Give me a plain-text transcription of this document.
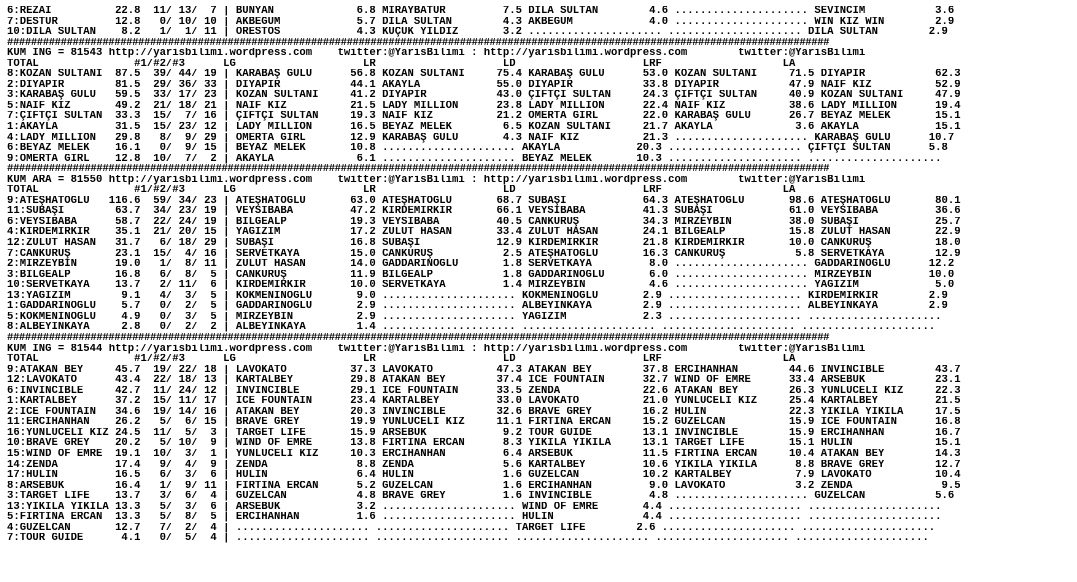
6:REZAİ          22.8  11/ 13/  7 | BÜNYAN             6.8 MİRAYBATUR         7.5 DİLA SULTAN        4.6 ..................... SEVİNCİM           3.6
7:DESTUR         12.8   0/ 10/ 10 | AKBEGÜM            5.7 DİLA SULTAN        4.3 AKBEGÜM            4.0 ..................... WIN KIZ WIN        2.9
10:DİLA SULTAN    8.2   1/  1/ 11 | ORESTOS            4.3 KÜÇÜK YILDIZ       3.2 ..................... ..................... DİLA SULTAN        2.9
##########################################################################################################################################
KUM ING = 81543 http://yarisbilimi.wordpress.com    twitter:@YarisBilimi : http://yarisbilimi.wordpress.com        twitter:@YarisBilimi
TOTAL               #1/#2/#3      LG                    LR                    LD                    LRF                   LA
8:KOZAN SULTANI  87.5  39/ 44/ 19 | KARABAŞ GÜLÜ      56.8 KOZAN SULTANI     75.4 KARABAŞ GÜLÜ      53.0 KOZAN SULTANI     71.5 DİYAPİR           62.3
2:DİYAPİR        81.5  29/ 36/ 33 | DİYAPİR           44.1 AKAYLA            55.0 DİYAPİR           33.8 DİYAPİR           47.9 NAİF KIZ          52.9
3:KARABAŞ GÜLÜ   59.5  33/ 17/ 23 | KOZAN SULTANI     41.2 DİYAPİR           43.0 ÇİFTÇİ SULTAN     24.3 ÇİFTÇİ SULTAN     40.9 KOZAN SULTANI     47.9
5:NAİF KIZ       49.2  21/ 18/ 21 | NAİF KIZ          21.5 LADY MILLION      23.8 LADY MILLION      22.4 NAİF KIZ          38.6 LADY MILLION      19.4
7:ÇİFTÇİ SULTAN  33.3  15/  7/ 16 | ÇİFTÇİ SULTAN     19.3 NAİF KIZ          21.2 OMERTA GIRL       22.0 KARABAŞ GÜLÜ      26.7 BEYAZ MELEK       15.1
1:AKAYLA         31.5  15/ 23/ 12 | LADY MILLION      16.5 BEYAZ MELEK        6.5 KOZAN SULTANI     21.7 AKAYLA             3.6 AKAYLA            15.1
4:LADY MILLION   29.8   8/  9/ 29 | OMERTA GIRL       12.9 KARABAŞ GÜLÜ       4.3 NAİF KIZ          21.3 ..................... KARABAŞ GÜLÜ      10.7
6:BEYAZ MELEK    16.1   0/  9/ 15 | BEYAZ MELEK       10.8 ..................... AKAYLA            20.3 ..................... ÇİFTÇİ SULTAN      5.8
9:OMERTA GIRL    12.8  10/  7/  2 | AKAYLA             6.1 ..................... BEYAZ MELEK       10.3 ..................... .....................
##########################################################################################################################################
KUM ARA = 81550 http://yarisbilimi.wordpress.com    twitter:@YarisBilimi : http://yarisbilimi.wordpress.com        twitter:@YarisBilimi
TOTAL               #1/#2/#3      LG                    LR                    LD                    LRF                   LA
9:ATEŞHATOĞLU   116.6  59/ 34/ 23 | ATEŞHATOĞLU       63.0 ATEŞHATOĞLU       68.7 SUBAŞI            64.3 ATEŞHATOĞLU       98.6 ATEŞHATOĞLU       80.1
11:SUBAŞI        63.7  34/ 23/ 19 | VEYSİBABA         47.2 KIRDEMİRKIR       66.1 VEYSİBABA         41.3 SUBAŞI            61.0 VEYSİBABA         36.6
6:VEYSİBABA      58.7  22/ 24/ 19 | BİLGEALP          19.3 VEYSİBABA         40.5 CANKURUŞ          34.3 MİRZEYBİN         38.0 SUBAŞI            25.7
4:KIRDEMİRKIR    35.1  21/ 20/ 15 | YAĞIZIM           17.2 ZULUT HASAN       33.4 ZULUT HASAN       24.1 BİLGEALP          15.8 ZULUT HASAN       22.9
12:ZULUT HASAN   31.7   6/ 18/ 29 | SUBAŞI            16.8 SUBAŞI            12.9 KIRDEMİRKIR       21.8 KIRDEMİRKIR       10.0 CANKURUŞ          18.0
7:CANKURUŞ       23.1  15/  4/ 16 | SERVETKAYA        15.0 CANKURUŞ           2.5 ATEŞHATOĞLU       16.3 CANKURUŞ           5.8 SERVETKAYA        12.9
2:MİRZEYBİN      19.0   1/  8/ 11 | ZULUT HASAN       14.0 GADDARINOĞLU       1.8 SERVETKAYA         8.0 ..................... GADDARINOĞLU      12.2
3:BİLGEALP       16.8   6/  8/  5 | CANKURUŞ          11.9 BİLGEALP           1.8 GADDARINOĞLU       6.0 ..................... MİRZEYBİN         10.0
10:SERVETKAYA    13.7   2/ 11/  6 | KIRDEMİRKIR       10.0 SERVETKAYA         1.4 MİRZEYBİN          4.6 ..................... YAĞIZIM            5.0
13:YAĞIZIM        9.1   4/  3/  5 | KÖKMENİNOĞLU       9.0 ..................... KÖKMENİNOĞLU       2.9 ..................... KIRDEMİRKIR        2.9
1:GADDARINOĞLU    5.7   0/  2/  5 | GADDARINOĞLU       2.9 ..................... ALBEYİNKAYA        2.9 ..................... ALBEYİNKAYA        2.9
5:KÖKMENİNOĞLU    4.9   0/  3/  5 | MİRZEYBİN          2.9 ..................... YAĞIZIM            2.3 ..................... .....................
8:ALBEYİNKAYA     2.8   0/  2/  2 | ALBEYİNKAYA        1.4 ..................... ..................... ..................... .....................
##########################################################################################################################################
KUM ING = 81544 http://yarisbilimi.wordpress.com    twitter:@YarisBilimi : http://yarisbilimi.wordpress.com        twitter:@YarisBilimi
TOTAL               #1/#2/#3      LG                    LR                    LD                    LRF                   LA
9:ATAKAN BEY     45.7  19/ 22/ 18 | LAVOKATO          37.3 LAVOKATO          47.3 ATAKAN BEY        37.8 ERCİHANHAN        44.6 INVINCIBLE        43.7
12:LAVOKATO      43.4  22/ 18/ 13 | KARTALBEY         29.8 ATAKAN BEY        37.4 ICE FOUNTAIN      32.7 WIND OF EMRE      33.4 ARSEBÜK           23.1
6:INVINCIBLE     42.7  11/ 24/ 12 | INVINCIBLE        29.1 ICE FOUNTAIN      33.5 ZENDA             22.6 ATAKAN BEY        26.3 YÜNLÜCELİ KIZ     22.3
1:KARTALBEY      37.2  15/ 11/ 17 | ICE FOUNTAIN      23.4 KARTALBEY         33.0 LAVOKATO          21.0 YÜNLÜCELİ KIZ     25.4 KARTALBEY         21.5
2:ICE FOUNTAIN   34.6  19/ 14/ 16 | ATAKAN BEY        20.3 INVINCIBLE        32.6 BRAVE GREY        16.2 HULİN             22.3 YIKILA YIKILA     17.5
11:ERCİHANHAN    26.2   5/  6/ 15 | BRAVE GREY        19.9 YÜNLÜCELİ KIZ     11.1 FIRTINA ERCAN     15.2 GÜZELCAN          15.9 ICE FOUNTAIN      16.8
16:YÜNLÜCELİ KIZ 24.5  11/  5/  3 | TARGET LIFE       15.9 ARSEBÜK            9.2 TOUR GUIDE        13.1 INVINCIBLE        15.9 ERCİHANHAN        16.7
10:BRAVE GREY    20.2   5/ 10/  9 | WIND OF EMRE      13.8 FIRTINA ERCAN      8.3 YIKILA YIKILA     13.1 TARGET LIFE       15.1 HULİN             15.1
15:WIND OF EMRE  19.1  10/  3/  1 | YÜNLÜCELİ KIZ     10.3 ERCİHANHAN         6.4 ARSEBÜK           11.5 FIRTINA ERCAN     10.4 ATAKAN BEY        14.3
14:ZENDA         17.4   9/  4/  9 | ZENDA              8.8 ZENDA              5.6 KARTALBEY         10.6 YIKILA YIKILA      8.8 BRAVE GREY        12.7
17:HULİN         16.5   6/  3/  6 | HULİN              6.4 HULİN              1.6 GÜZELCAN          10.2 KARTALBEY          7.9 LAVOKATO          10.4
8:ARSEBÜK        16.4   1/  9/ 11 | FIRTINA ERCAN      5.2 GÜZELCAN           1.6 ERCİHANHAN         9.0 LAVOKATO           3.2 ZENDA              9.5
3:TARGET LIFE    13.7   3/  6/  4 | GÜZELCAN           4.8 BRAVE GREY         1.6 INVINCIBLE         4.8 ..................... GÜZELCAN           5.6
13:YIKILA YIKILA 13.3   5/  3/  6 | ARSEBÜK            3.2 ..................... WIND OF EMRE       4.4 ..................... .....................
5:FIRTINA ERCAN  13.3   5/  8/  5 | ERCİHANHAN         1.6 ..................... HULİN              4.4 ..................... .....................
4:GÜZELCAN       12.7   7/  2/  4 | ..................... ..................... TARGET LIFE        2.6 ..................... .....................
7:TOUR GUIDE      4.1   0/  5/  4 | ..................... ..................... ..................... ..................... .....................
